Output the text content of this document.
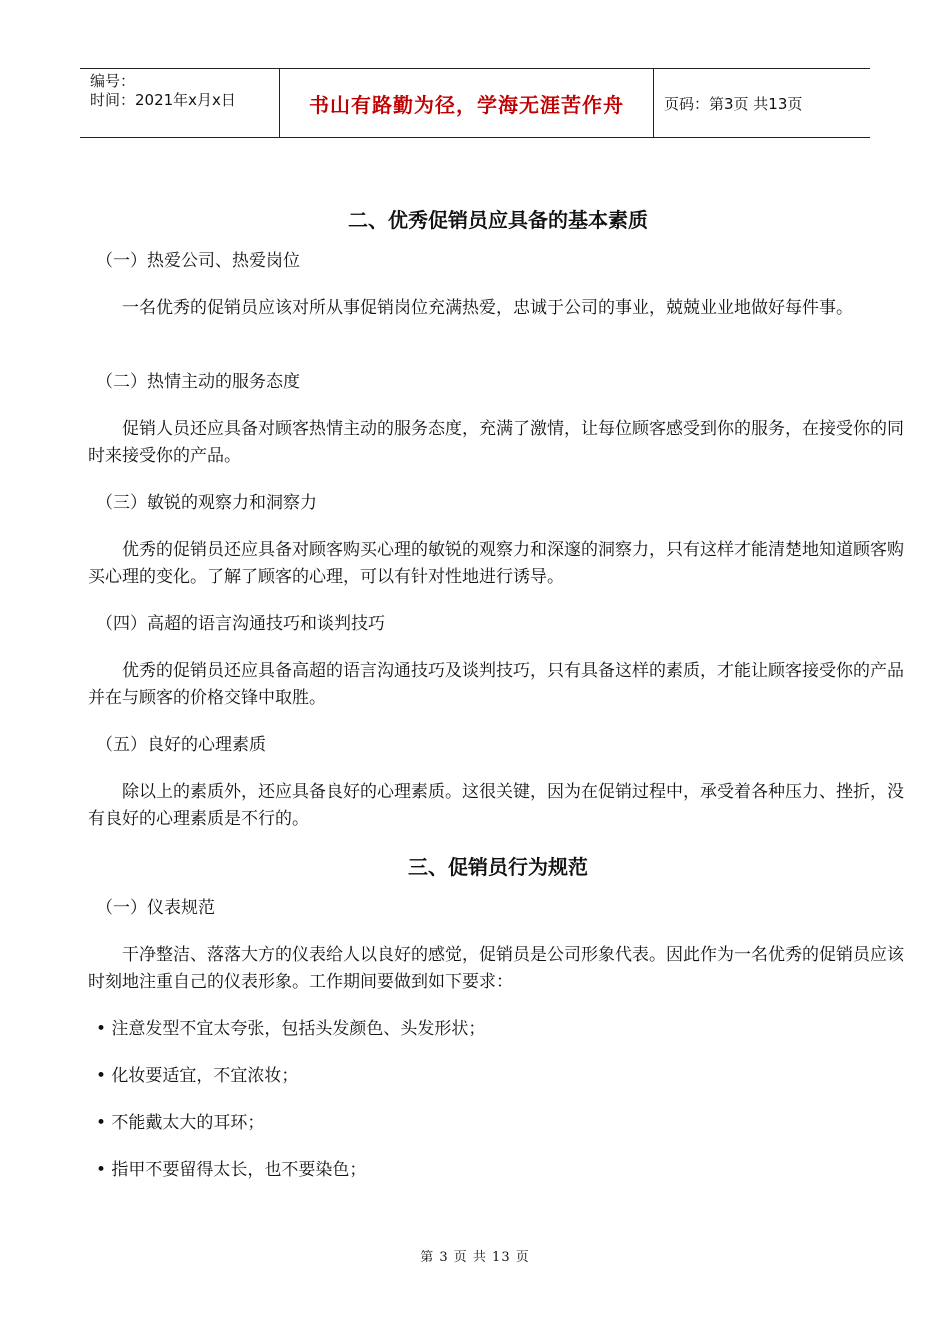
编号：
时间：2021年x月x日	书山有路勤为径，学海无涯苦作舟	页码：第3页 共13页
二、优秀促销员应具备的基本素质

（一）热爱公司、热爱岗位

一名优秀的促销员应该对所从事促销岗位充满热爱，忠诚于公司的事业，兢兢业业地做好每件事。

（二）热情主动的服务态度

促销人员还应具备对顾客热情主动的服务态度，充满了激情，让每位顾客感受到你的服务，在接受你的同时来接受你的产品。

（三）敏锐的观察力和洞察力

优秀的促销员还应具备对顾客购买心理的敏锐的观察力和深邃的洞察力，只有这样才能清楚地知道顾客购买心理的变化。了解了顾客的心理，可以有针对性地进行诱导。

（四）高超的语言沟通技巧和谈判技巧

优秀的促销员还应具备高超的语言沟通技巧及谈判技巧，只有具备这样的素质，才能让顾客接受你的产品并在与顾客的价格交锋中取胜。

（五）良好的心理素质

除以上的素质外，还应具备良好的心理素质。这很关键，因为在促销过程中，承受着各种压力、挫折，没有良好的心理素质是不行的。

三、促销员行为规范

（一）仪表规范

干净整洁、落落大方的仪表给人以良好的感觉，促销员是公司形象代表。因此作为一名优秀的促销员应该时刻地注重自己的仪表形象。工作期间要做到如下要求：

• 注意发型不宜太夸张，包括头发颜色、头发形状；

• 化妆要适宜，不宜浓妆；

• 不能戴太大的耳环；

• 指甲不要留得太长，也不要染色；

第 3 页 共 13 页
